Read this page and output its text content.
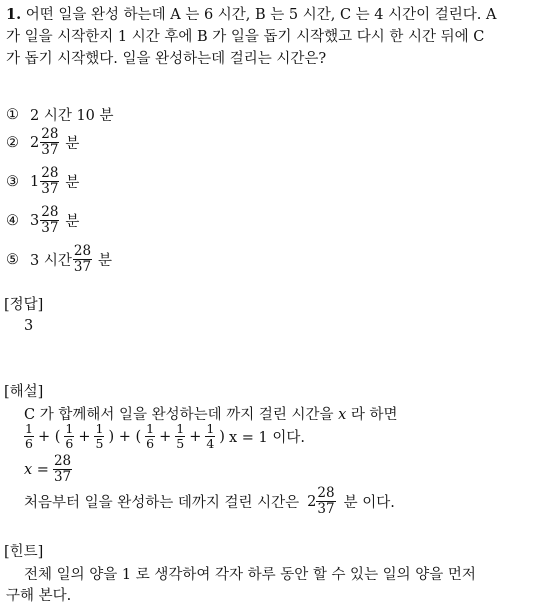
1. 어떤 일을 완성 하는데 A 는 6 시간, B 는 5 시간, C 는 4 시간이 걸린다. A
가 일을 시작한지 1 시간 후에 B 가 일을 돕기 시작했고 다시 한 시간 뒤에 C
가 돕기 시작했다. 일을 완성하는데 걸리는 시간은?
① 2 시간 10 분
② $2 \frac{28}{37}$ 분
③ $1 \frac{28}{37}$ 분
④ $3 \frac{28}{37}$ 분
⑤ 3 시간 $\frac{28}{37}$ 분
[정답]
3
[해설]
C 가 합께해서 일을 완성하는데 까지 걸린 시간을 x 라 하면
$\frac{1}{6}$ + ( $\frac{1}{6} + \frac{1}{5}$ ) + ( $\frac{1}{6} + \frac{1}{5} + \frac{1}{4}$ ) x = 1 이다.
$x = \frac{28}{37}$
처음부터 일을 완성하는 데까지 걸린 시간은 $2 \frac{28}{37}$ 분 이다.
[힌트]
전체 일의 양을 1 로 생각하여 각자 하루 동안 할 수 있는 일의 양을 먼저
구해 본다.
